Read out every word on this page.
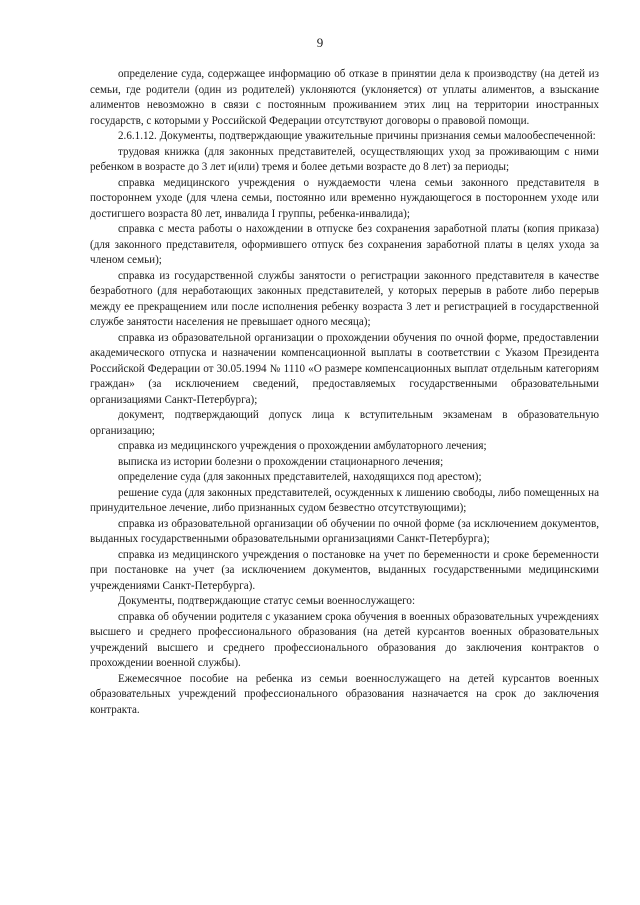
9

определение суда, содержащее информацию об отказе в принятии дела к производству (на детей из семьи, где родители (один из родителей) уклоняются (уклоняется) от уплаты алиментов, а взыскание алиментов невозможно в связи с постоянным проживанием этих лиц на территории иностранных государств, с которыми у Российской Федерации отсутствуют договоры о правовой помощи.

2.6.1.12. Документы, подтверждающие уважительные причины признания семьи малообеспеченной:

трудовая книжка (для законных представителей, осуществляющих уход за проживающим с ними ребенком в возрасте до 3 лет и(или) тремя и более детьми возрасте до 8 лет) за периоды;

справка медицинского учреждения о нуждаемости члена семьи законного представителя в постороннем уходе (для члена семьи, постоянно или временно нуждающегося в постороннем уходе или достигшего возраста 80 лет, инвалида I группы, ребенка-инвалида);

справка с места работы о нахождении в отпуске без сохранения заработной платы (копия приказа) (для законного представителя, оформившего отпуск без сохранения заработной платы в целях ухода за членом семьи);

справка из государственной службы занятости о регистрации законного представителя в качестве безработного (для неработающих законных представителей, у которых перерыв в работе либо перерыв между ее прекращением или после исполнения ребенку возраста 3 лет и регистрацией в государственной службе занятости населения не превышает одного месяца);

справка из образовательной организации о прохождении обучения по очной форме, предоставлении академического отпуска и назначении компенсационной выплаты в соответствии с Указом Президента Российской Федерации от 30.05.1994 № 1110 «О размере компенсационных выплат отдельным категориям граждан» (за исключением сведений, предоставляемых государственными образовательными организациями Санкт-Петербурга);

документ, подтверждающий допуск лица к вступительным экзаменам в образовательную организацию;

справка из медицинского учреждения о прохождении амбулаторного лечения;

выписка из истории болезни о прохождении стационарного лечения;

определение суда (для законных представителей, находящихся под арестом);

решение суда (для законных представителей, осужденных к лишению свободы, либо помещенных на принудительное лечение, либо признанных судом безвестно отсутствующими);

справка из образовательной организации об обучении по очной форме (за исключением документов, выданных государственными образовательными организациями Санкт-Петербурга);

справка из медицинского учреждения о постановке на учет по беременности и сроке беременности при постановке на учет (за исключением документов, выданных государственными медицинскими учреждениями Санкт-Петербурга).

Документы, подтверждающие статус семьи военнослужащего:

справка об обучении родителя с указанием срока обучения в военных образовательных учреждениях высшего и среднего профессионального образования (на детей курсантов военных образовательных учреждений высшего и среднего профессионального образования до заключения контрактов о прохождении военной службы).

Ежемесячное пособие на ребенка из семьи военнослужащего на детей курсантов военных образовательных учреждений профессионального образования назначается на срок до заключения контракта.
